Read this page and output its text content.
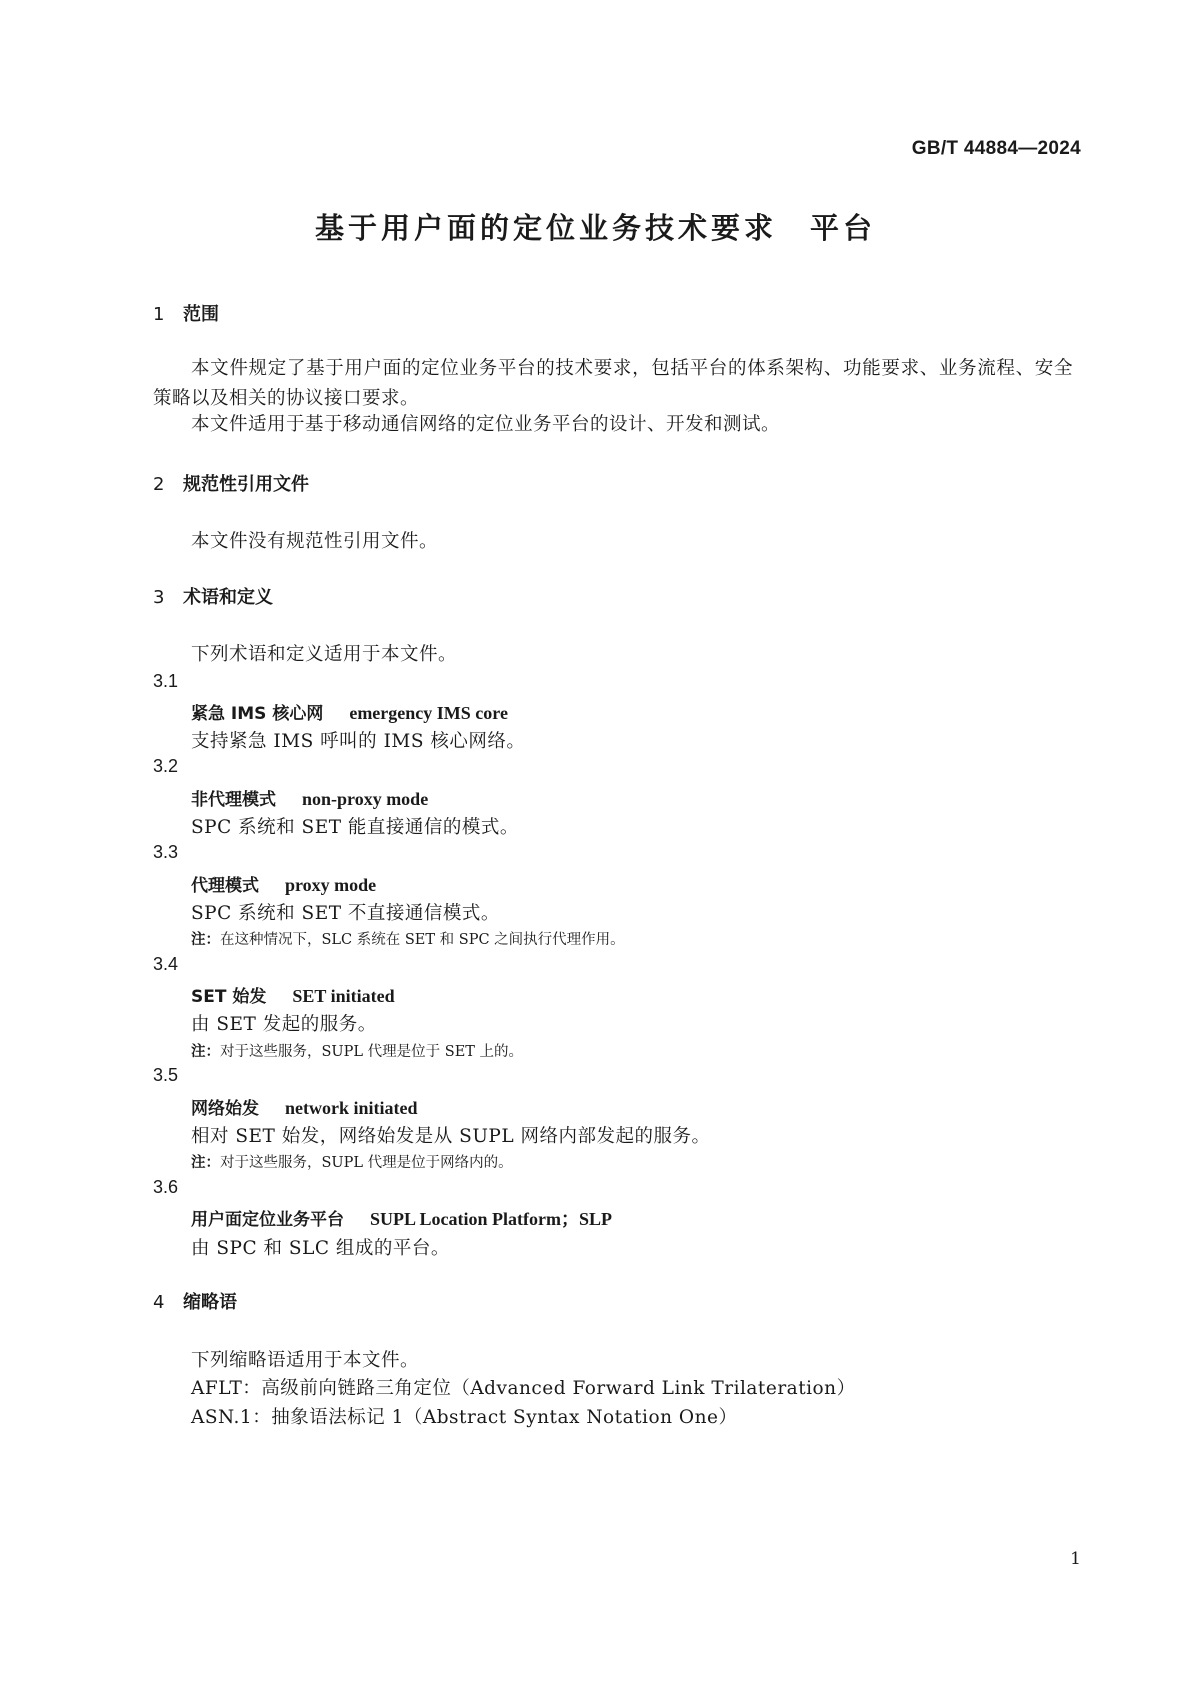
GB/T 44884—2024
基于用户面的定位业务技术要求　平台
1 范围

本文件规定了基于用户面的定位业务平台的技术要求，包括平台的体系架构、功能要求、业务流程、安全策略以及相关的协议接口要求。

本文件适用于基于移动通信网络的定位业务平台的设计、开发和测试。

2 规范性引用文件

本文件没有规范性引用文件。

3 术语和定义

下列术语和定义适用于本文件。

3.1

紧急 IMS 核心网 emergency IMS core

支持紧急 IMS 呼叫的 IMS 核心网络。

3.2

非代理模式 non-proxy mode

SPC 系统和 SET 能直接通信的模式。

3.3

代理模式 proxy mode

SPC 系统和 SET 不直接通信模式。

注：在这种情况下，SLC 系统在 SET 和 SPC 之间执行代理作用。

3.4

SET 始发 SET initiated

由 SET 发起的服务。

注：对于这些服务，SUPL 代理是位于 SET 上的。

3.5

网络始发 network initiated

相对 SET 始发，网络始发是从 SUPL 网络内部发起的服务。

注：对于这些服务，SUPL 代理是位于网络内的。

3.6

用户面定位业务平台 SUPL Location Platform；SLP

由 SPC 和 SLC 组成的平台。

4 缩略语

下列缩略语适用于本文件。

AFLT：高级前向链路三角定位（Advanced Forward Link Trilateration）

ASN.1：抽象语法标记 1（Abstract Syntax Notation One）

1
